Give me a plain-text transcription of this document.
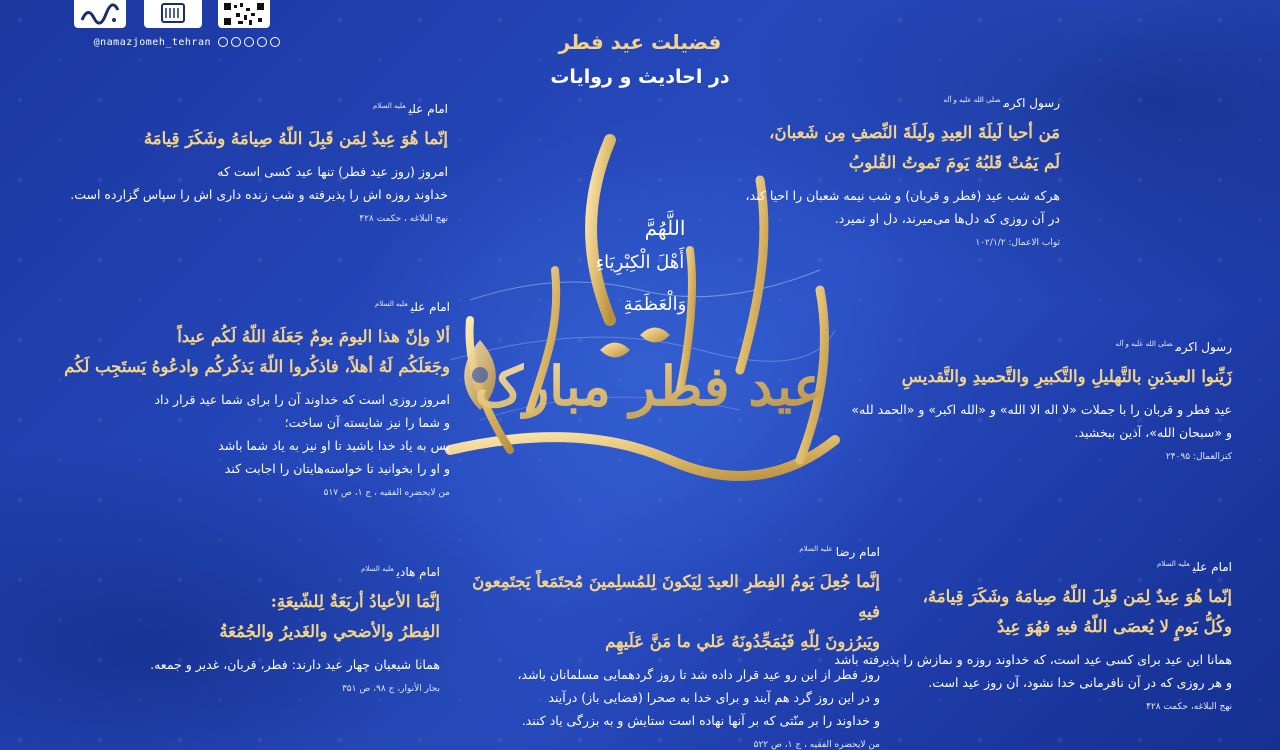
@namazjomeh_tehran	فضیلت عید فطر
در احادیث و روایات
عید فطر مبارک
اللَّهُمَّ
أَهْلَ الْكِبْرِيَاءِ
وَالْعَظَمَةِ
رسول اکرم$^{صلی الله علیه و آله}$
مَن أحيا لَيلَةَ العِيدِ ولَيلَةَ النِّصفِ مِن شَعبانَ،
لَم يَمُتْ قَلبُهُ يَومَ تَموتُ القُلوبُ
هرکه شب عید (فطر و قربان) و شب نیمه شعبان را احیا کند،
در آن روزی که دل‌ها می‌میرند، دل او نمیرد.
ثواب الاعمال: ۱۰۲/۱/۲
امام علی$^{علیه السلام}$
إنّما هُوَ عِيدٌ لِمَن قَبِلَ اللّهُ صِيامَهُ وشَكَرَ قِيامَهُ
امروز (روز عید فطر) تنها عید کسی است که
خداوند روزه اش را پذیرفته و شب زنده داری اش را سپاس گزارده است.
نهج البلاغه ، حکمت ۴۲۸
امام علی$^{علیه السلام}$
ألا وإنّ هذا اليومَ يومٌ جَعَلَهُ اللّهُ لَكُم عيداً
وجَعَلَكُم لَهُ أهلاً، فاذكُروا اللّهَ يَذكُركُم وادعُوهُ يَستَجِب لَكُم
امروز روزی است که خداوند آن را برای شما عید قرار داد
و شما را نیز شایسته آن ساخت؛
پس به یاد خدا باشید تا او نیز به یاد شما باشد
و او را بخوانید تا خواسته‌هایتان را اجابت کند
من لایحضره الفقیه ، ج ۱، ص ۵۱۷
رسول اکرم$^{صلی الله علیه و آله}$
زَيِّنوا العيدَينِ بالتَّهليلِ والتَّكبيرِ والتَّحميدِ والتَّقديسِ
عید فطر و قربان را با جملات «لا اله الا الله» و «الله اکبر» و «الحمد لله»
و «سبحان الله»، آذین ببخشید.
کنزالعمال: ۲۴۰۹۵
امام هادی$^{علیه السلام}$
إنَّمَا الأعيادُ أربَعَةٌ لِلشّيعَةِ:
الفِطرُ والأضحي والغَديرُ والجُمُعَةُ
همانا شیعیان چهار عید دارند: فطر، قربان، غدیر و جمعه.
بحار الأنوار، ج ۹۸، ص ۳۵۱
امام رضا$^{علیه السلام}$
إنَّما جُعِلَ يَومُ الفِطرِ العيدَ لِيَكونَ لِلمُسلِمينَ مُجتَمَعاً يَجتَمِعونَ فيهِ
ويَبرُزونَ لِلّهِ فَيُمَجِّدُونَهُ عَلي ما مَنَّ عَلَيهِم
روز فطر از این رو عید قرار داده شد تا روز گردهمایی مسلمانان باشد،
و در این روز گرد هم آیند و برای خدا به صحرا (فضایی باز) درآیند
و خداوند را بر منّتی که بر آنها نهاده است ستایش و به بزرگی یاد کنند.
من لایحضره الفقیه ، ج ۱، ص ۵۲۲
امام علی$^{علیه السلام}$
إنّما هُوَ عِيدٌ لِمَن قَبِلَ اللّهُ صِيامَهُ وشَكَرَ قِيامَهُ،
وكُلُّ يَومٍ لا يُعصَى اللّهُ فيهِ فهُوَ عِيدٌ
همانا این عید برای کسی عید است، که خداوند روزه و نمازش را پذیرفته باشد
و هر روزی که در آن نافرمانی خدا نشود، آن روز عید است.
نهج البلاغه، حکمت ۴۲۸
